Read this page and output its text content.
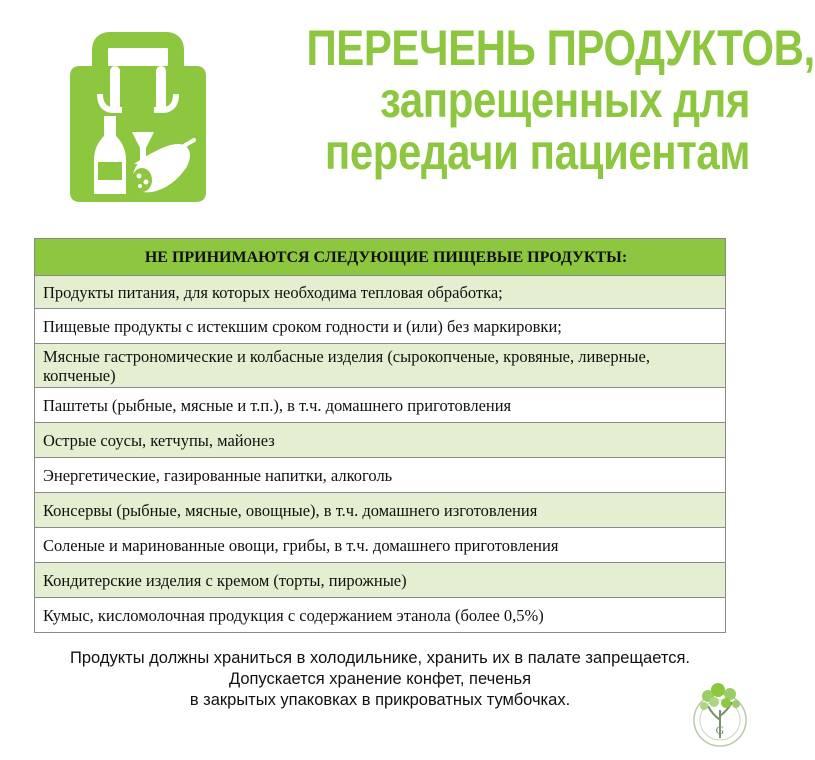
ПЕРЕЧЕНЬ ПРОДУКТОВ,
запрещенных для
передачи пациентам
НЕ ПРИНИМАЮТСЯ СЛЕДУЮЩИЕ ПИЩЕВЫЕ ПРОДУКТЫ:
Продукты питания, для которых необходима тепловая обработка;
Пищевые продукты с истекшим сроком годности и (или) без маркировки;
Мясные гастрономические и колбасные изделия (сырокопченые, кровяные, ливерные, копченые)
Паштеты (рыбные, мясные и т.п.), в т.ч. домашнего приготовления
Острые соусы, кетчупы, майонез
Энергетические, газированные напитки, алкоголь
Консервы (рыбные, мясные, овощные), в т.ч. домашнего изготовления
Соленые и маринованные овощи, грибы, в т.ч. домашнего приготовления
Кондитерские изделия с кремом (торты, пирожные)
Кумыс, кисломолочная продукция с содержанием этанола (более 0,5%)
Продукты должны храниться в холодильнике, хранить их в палате запрещается.
Допускается хранение конфет, печенья
в закрытых упаковках в прикроватных тумбочках.
G
